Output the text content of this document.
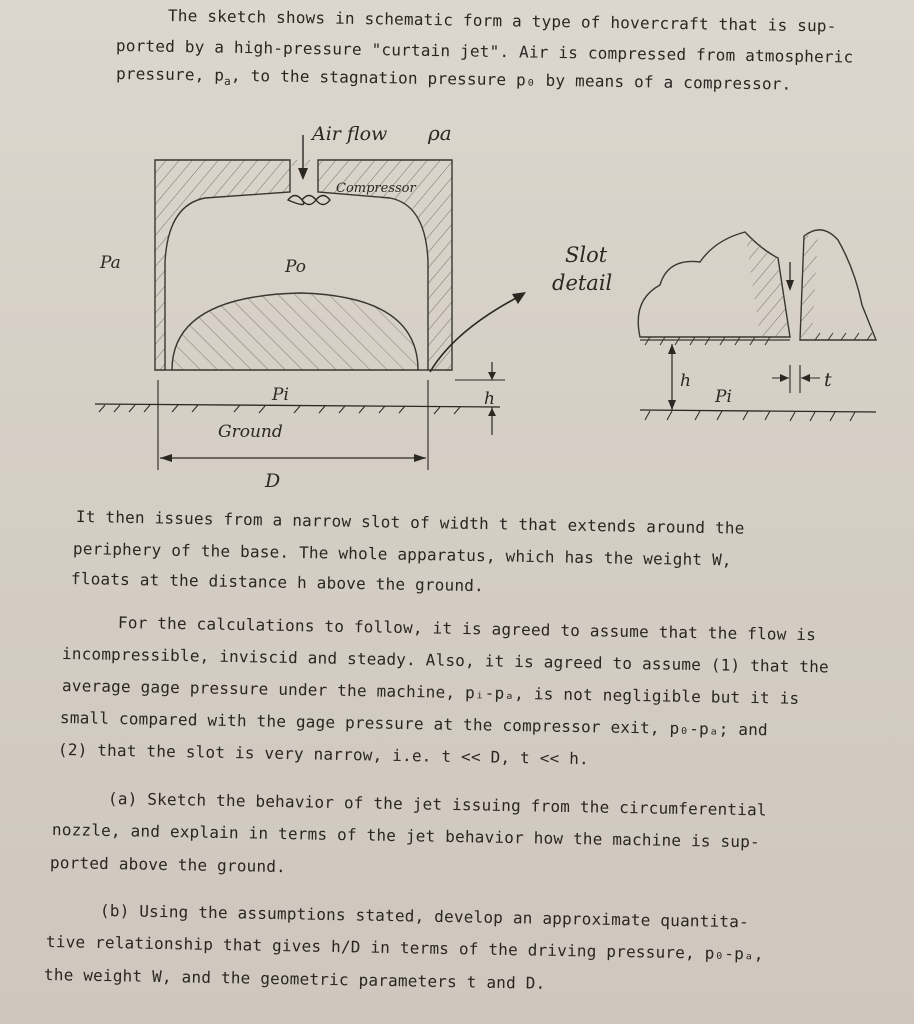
The sketch shows in schematic form a type of hovercraft that is sup-
ported by a high-pressure "curtain jet". Air is compressed from atmospheric
pressure, $p_a$, to the stagnation pressure p₀ by means of a compressor.
Air flow ρa
Compressor
Pa	Po
Pi
Ground
h
D
Slot
detail
t
h
Pi
It then issues from a narrow slot of width t that extends around the
periphery of the base. The whole apparatus, which has the weight W,
floats at the distance h above the ground.
For the calculations to follow, it is agreed to assume that the flow is
incompressible, inviscid and steady. Also, it is agreed to assume (1) that the
average gage pressure under the machine, pᵢ-pₐ, is not negligible but it is
small compared with the gage pressure at the compressor exit, p₀-pₐ; and
(2) that the slot is very narrow, i.e. t << D, t << h.
(a) Sketch the behavior of the jet issuing from the circumferential
nozzle, and explain in terms of the jet behavior how the machine is sup-
ported above the ground.
(b) Using the assumptions stated, develop an approximate quantita-
tive relationship that gives h/D in terms of the driving pressure, p₀-pₐ,
the weight W, and the geometric parameters t and D.
